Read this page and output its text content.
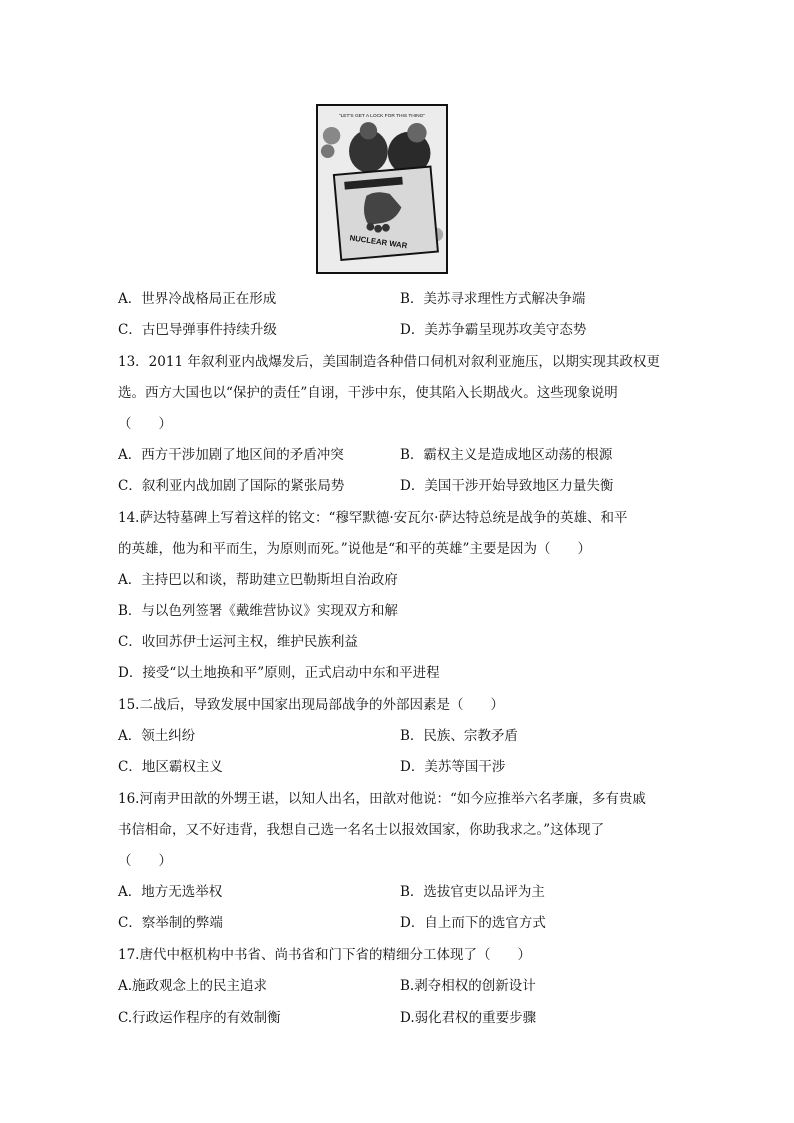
"LET'S GET A LOCK FOR THIS THING"
NUCLEAR WAR
A．世界冷战格局正在形成	B．美苏寻求理性方式解决争端
C．古巴导弹事件持续升级	D．美苏争霸呈现苏攻美守态势
13．2011 年叙利亚内战爆发后，美国制造各种借口伺机对叙利亚施压，以期实现其政权更
选。西方大国也以“保护的责任”自诩，干涉中东，使其陷入长期战火。这些现象说明
（　　）
A．西方干涉加剧了地区间的矛盾冲突	B．霸权主义是造成地区动荡的根源
C．叙利亚内战加剧了国际的紧张局势	D．美国干涉开始导致地区力量失衡
14.萨达特墓碑上写着这样的铭文：“穆罕默德·安瓦尔·萨达特总统是战争的英雄、和平
的英雄，他为和平而生，为原则而死。”说他是“和平的英雄”主要是因为（　　）
A．主持巴以和谈，帮助建立巴勒斯坦自治政府
B．与以色列签署《戴维营协议》实现双方和解
C．收回苏伊士运河主权，维护民族利益
D．接受“以土地换和平”原则，正式启动中东和平进程
15.二战后，导致发展中国家出现局部战争的外部因素是（　　）
A．领土纠纷	B．民族、宗教矛盾
C．地区霸权主义	D．美苏等国干涉
16.河南尹田歆的外甥王谌，以知人出名，田歆对他说：“如今应推举六名孝廉，多有贵戚
书信相命，又不好违背，我想自己选一名名士以报效国家，你助我求之。”这体现了
（　　）
A．地方无选举权	B．选拔官吏以品评为主
C．察举制的弊端	D．自上而下的选官方式
17.唐代中枢机构中书省、尚书省和门下省的精细分工体现了（　　）
A.施政观念上的民主追求	B.剥夺相权的创新设计
C.行政运作程序的有效制衡	D.弱化君权的重要步骤
